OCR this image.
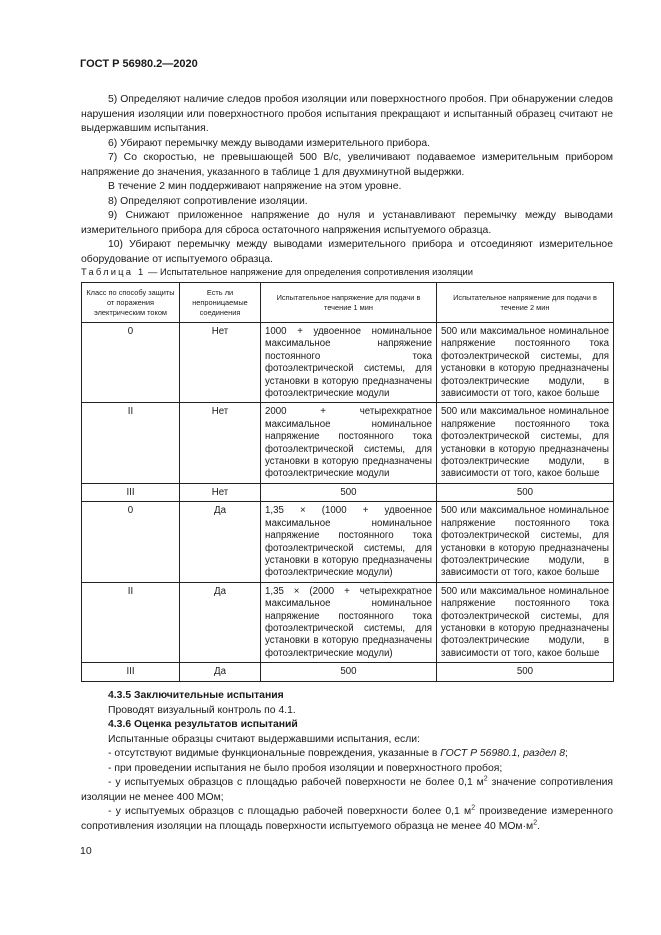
ГОСТ Р 56980.2—2020

5) Определяют наличие следов пробоя изоляции или поверхностного пробоя. При обнаружении следов нарушения изоляции или поверхностного пробоя испытания прекращают и испытанный образец считают не выдержавшим испытания.

6) Убирают перемычку между выводами измерительного прибора.

7) Со скоростью, не превышающей 500 В/с, увеличивают подаваемое измерительным прибором напряжение до значения, указанного в таблице 1 для двухминутной выдержки.

В течение 2 мин поддерживают напряжение на этом уровне.

8) Определяют сопротивление изоляции.

9) Снижают приложенное напряжение до нуля и устанавливают перемычку между выводами измерительного прибора для сброса остаточного напряжения испытуемого образца.

10) Убирают перемычку между выводами измерительного прибора и отсоединяют измерительное оборудование от испытуемого образца.

Таблица 1 — Испытательное напряжение для определения сопротивления изоляции
Класс по способу защиты от поражения электрическим током	Есть ли непроницаемые соединения	Испытательное напряжение для подачи в течение 1 мин	Испытательное напряжение для подачи в течение 2 мин
0	Нет	1000 + удвоенное номинальное максимальное напряжение постоянного тока фотоэлектрической системы, для установки в которую предназначены фотоэлектрические модули	500 или максимальное номинальное напряжение постоянного тока фотоэлектрической системы, для установки в которую предназначены фотоэлектрические модули, в зависимости от того, какое больше
II	Нет	2000 + четырехкратное максимальное номинальное напряжение постоянного тока фотоэлектрической системы, для установки в которую предназначены фотоэлектрические модули	500 или максимальное номинальное напряжение постоянного тока фотоэлектрической системы, для установки в которую предназначены фотоэлектрические модули, в зависимости от того, какое больше
III	Нет	500	500
0	Да	1,35 × (1000 + удвоенное максимальное номинальное напряжение постоянного тока фотоэлектрической системы, для установки в которую предназначены фотоэлектрические модули)	500 или максимальное номинальное напряжение постоянного тока фотоэлектрической системы, для установки в которую предназначены фотоэлектрические модули, в зависимости от того, какое больше
II	Да	1,35 × (2000 + четырехкратное максимальное номинальное напряжение постоянного тока фотоэлектрической системы, для установки в которую предназначены фотоэлектрические модули)	500 или максимальное номинальное напряжение постоянного тока фотоэлектрической системы, для установки в которую предназначены фотоэлектрические модули, в зависимости от того, какое больше
III	Да	500	500

4.3.5 Заключительные испытания

Проводят визуальный контроль по 4.1.

4.3.6 Оценка результатов испытаний

Испытанные образцы считают выдержавшими испытания, если:

- отсутствуют видимые функциональные повреждения, указанные в ГОСТ Р 56980.1, раздел 8;

- при проведении испытания не было пробоя изоляции и поверхностного пробоя;

- у испытуемых образцов с площадью рабочей поверхности не более 0,1 $м^2$ значение сопротивления изоляции не менее 400 МОм;

- у испытуемых образцов с площадью рабочей поверхности более 0,1 $м^2$ произведение измеренного сопротивления изоляции на площадь поверхности испытуемого образца не менее 40 $МОм\cdot м^2$.

10
